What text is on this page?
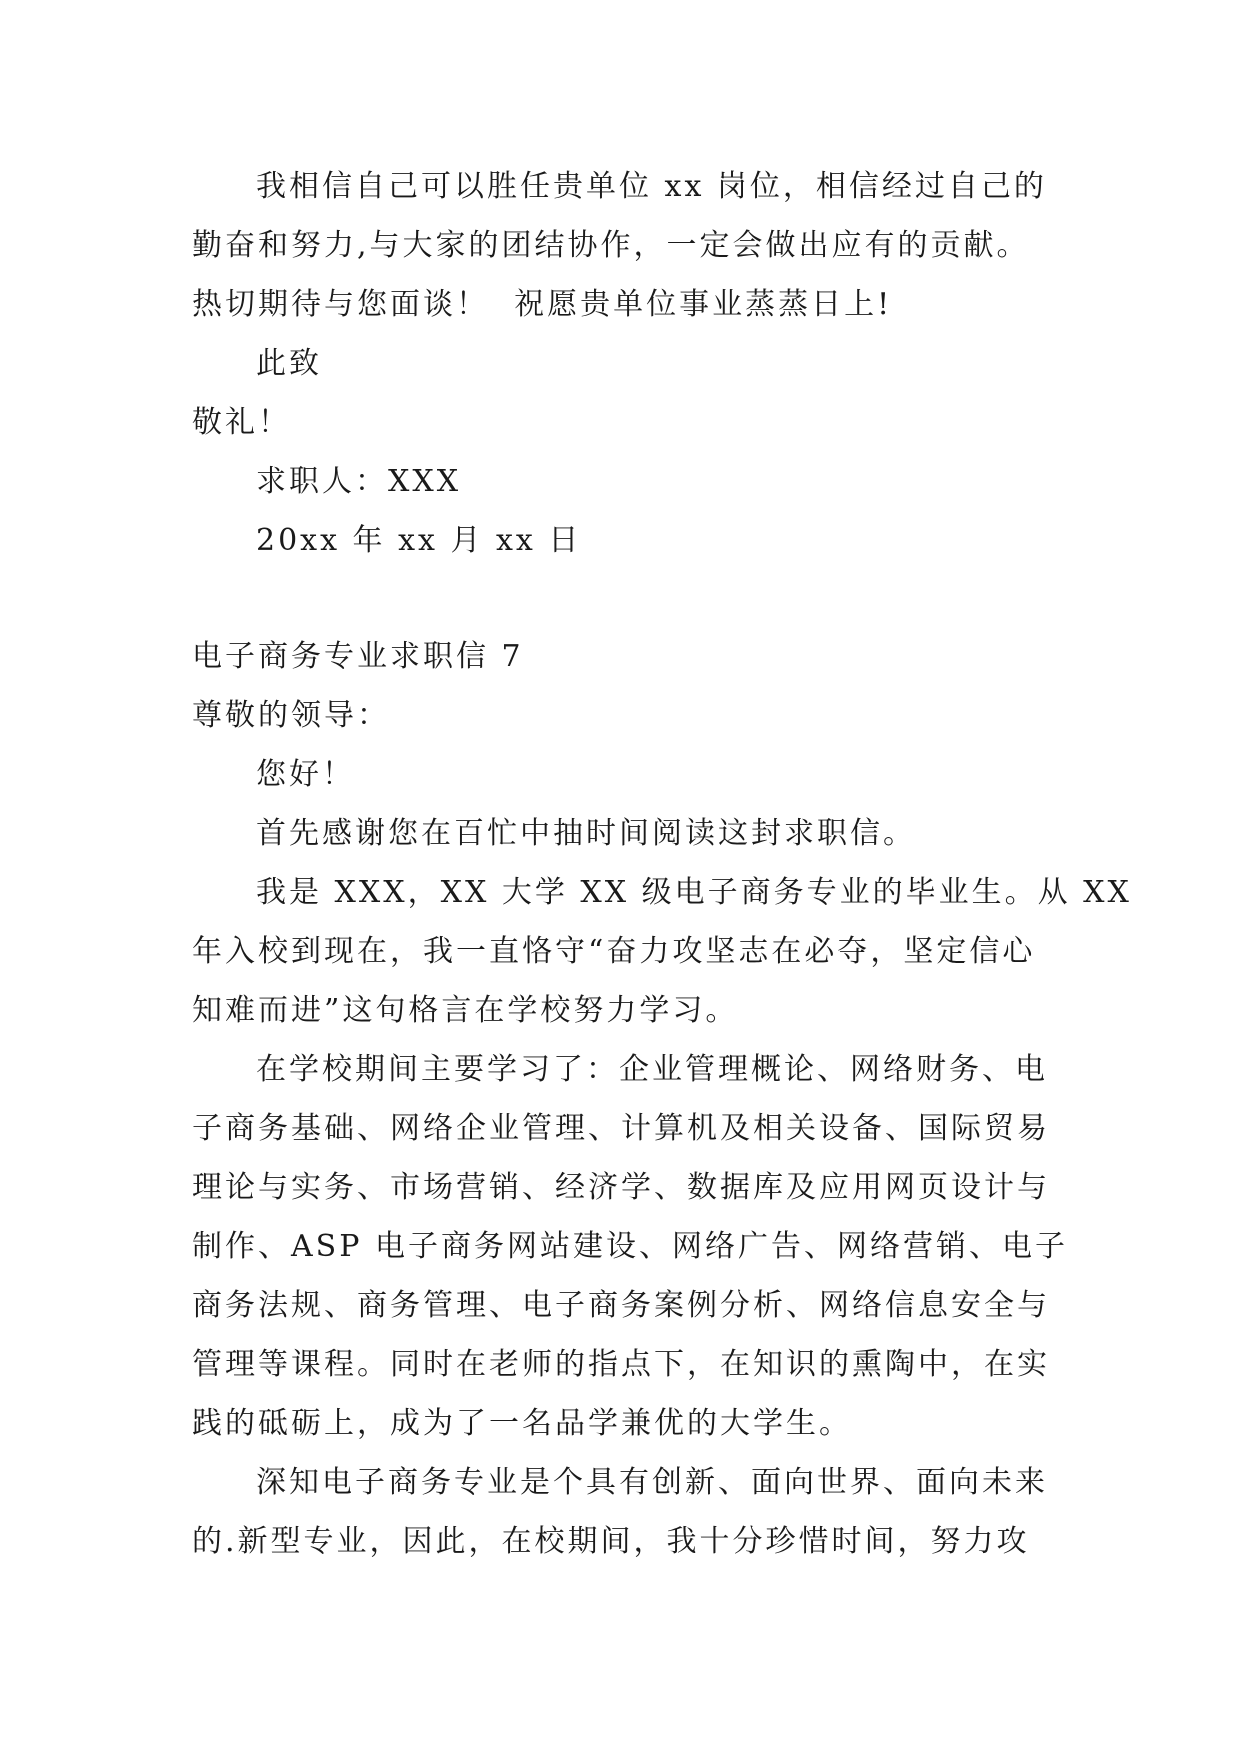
我相信自己可以胜任贵单位 xx 岗位，相信经过自己的
勤奋和努力,与大家的团结协作，一定会做出应有的贡献。
热切期待与您面谈！  祝愿贵单位事业蒸蒸日上!
此致
敬礼！
求职人：XXX
20xx 年 xx 月 xx 日
电子商务专业求职信 7
尊敬的领导：
您好！
首先感谢您在百忙中抽时间阅读这封求职信。
我是 XXX，XX 大学 XX 级电子商务专业的毕业生。从 XX
年入校到现在，我一直恪守“奋力攻坚志在必夺，坚定信心
知难而进”这句格言在学校努力学习。
在学校期间主要学习了：企业管理概论、网络财务、电
子商务基础、网络企业管理、计算机及相关设备、国际贸易
理论与实务、市场营销、经济学、数据库及应用网页设计与
制作、ASP 电子商务网站建设、网络广告、网络营销、电子
商务法规、商务管理、电子商务案例分析、网络信息安全与
管理等课程。同时在老师的指点下，在知识的熏陶中，在实
践的砥砺上，成为了一名品学兼优的大学生。
深知电子商务专业是个具有创新、面向世界、面向未来
的.新型专业，因此，在校期间，我十分珍惜时间，努力攻
